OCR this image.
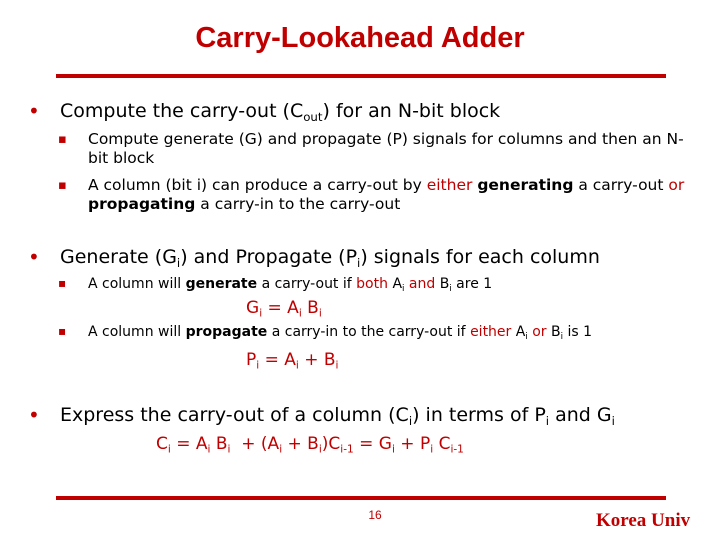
Carry-Lookahead Adder
• Compute the carry-out $(C_{out})$ for an N-bit block
▪ Compute generate (G) and propagate (P) signals for columns and then an N-bit block
▪ A column (bit i) can produce a carry-out by either generating a carry-out or propagating a carry-in to the carry-out
• Generate $(G_i)$ and Propagate $(P_i)$ signals for each column
▪ A column will generate a carry-out if both $A_i$ and $B_i$ are 1
$G_i = A_i$ $B_i$
▪ A column will propagate a carry-in to the carry-out if either $A_i$ or $B_i$ is 1
$P_i = A_i + B_i$
• Express the carry-out of a column $(C_i)$ in terms of $P_i$ and $G_i$
$C_i = A_i$ $B_i + (A_i + B_i)C_{i-1} = G_i + P_i$ $C_{i-1}$
16	Korea Univ
